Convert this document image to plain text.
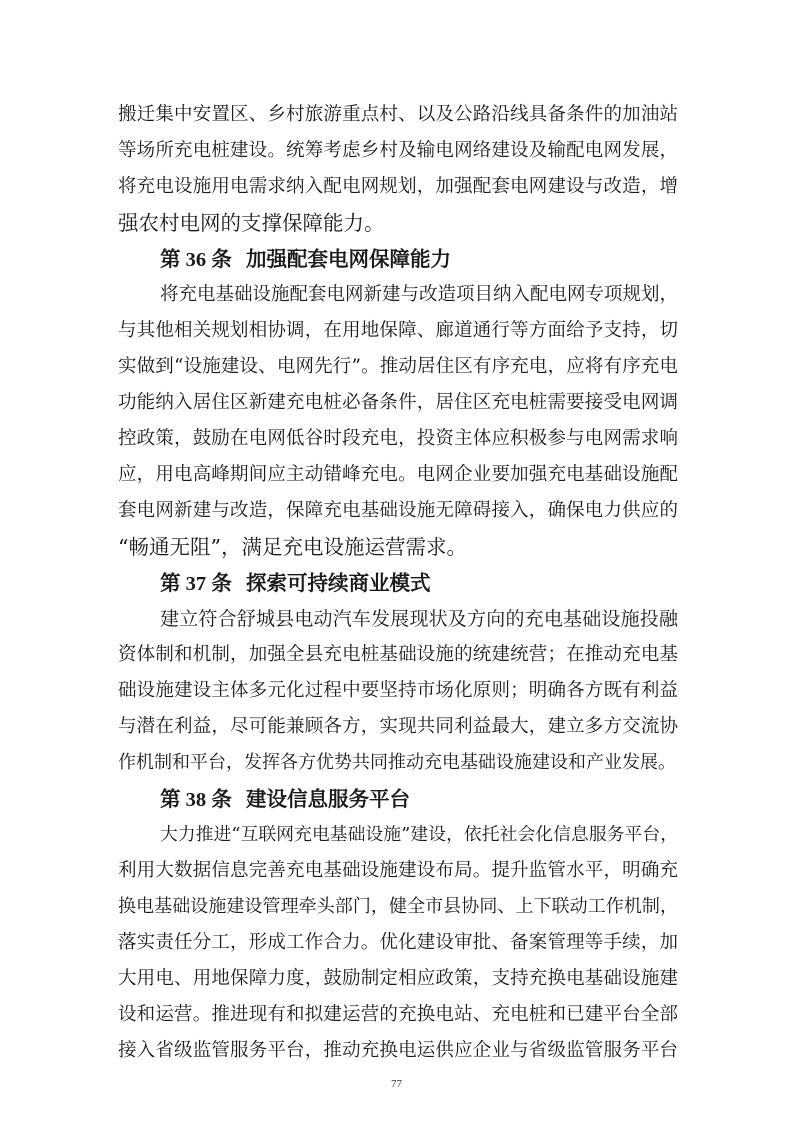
搬迁集中安置区、乡村旅游重点村、以及公路沿线具备条件的加油站
等场所充电桩建设。统筹考虑乡村及输电网络建设及输配电网发展，
将充电设施用电需求纳入配电网规划，加强配套电网建设与改造，增
强农村电网的支撑保障能力。
第 36 条 加强配套电网保障能力
将充电基础设施配套电网新建与改造项目纳入配电网专项规划，
与其他相关规划相协调，在用地保障、廊道通行等方面给予支持，切
实做到“设施建设、电网先行”。推动居住区有序充电，应将有序充电
功能纳入居住区新建充电桩必备条件，居住区充电桩需要接受电网调
控政策，鼓励在电网低谷时段充电，投资主体应积极参与电网需求响
应，用电高峰期间应主动错峰充电。电网企业要加强充电基础设施配
套电网新建与改造，保障充电基础设施无障碍接入，确保电力供应的
“畅通无阻”，满足充电设施运营需求。
第 37 条 探索可持续商业模式
建立符合舒城县电动汽车发展现状及方向的充电基础设施投融
资体制和机制，加强全县充电桩基础设施的统建统营；在推动充电基
础设施建设主体多元化过程中要坚持市场化原则；明确各方既有利益
与潜在利益，尽可能兼顾各方，实现共同利益最大，建立多方交流协
作机制和平台，发挥各方优势共同推动充电基础设施建设和产业发展。
第 38 条 建设信息服务平台
大力推进“互联网充电基础设施”建设，依托社会化信息服务平台，
利用大数据信息完善充电基础设施建设布局。提升监管水平，明确充
换电基础设施建设管理牵头部门，健全市县协同、上下联动工作机制，
落实责任分工，形成工作合力。优化建设审批、备案管理等手续，加
大用电、用地保障力度，鼓励制定相应政策，支持充换电基础设施建
设和运营。推进现有和拟建运营的充换电站、充电桩和已建平台全部
接入省级监管服务平台，推动充换电运供应企业与省级监管服务平台
77
